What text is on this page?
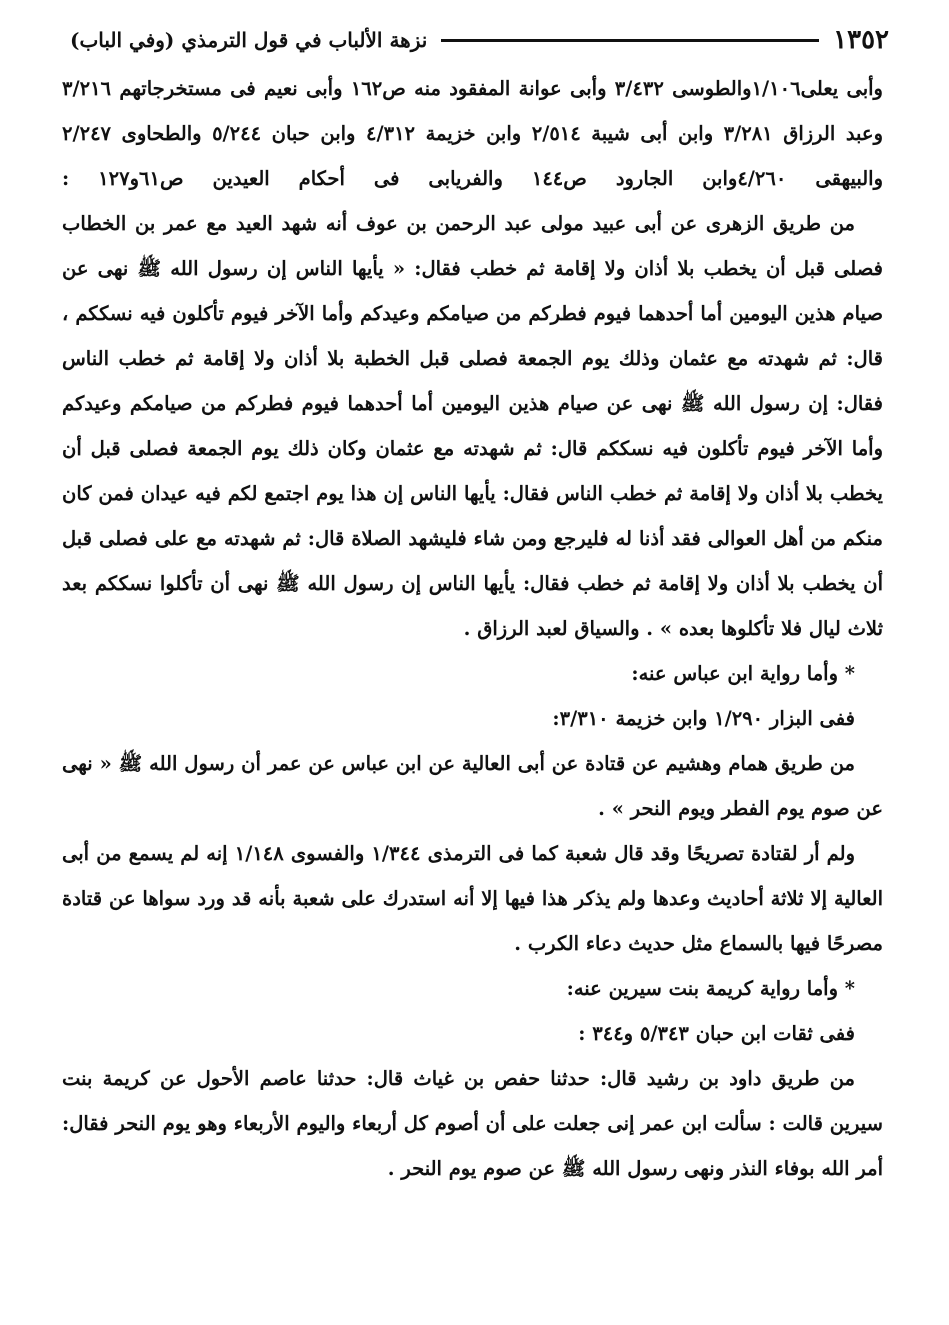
١٣٥٢
نزهة الألباب في قول الترمذي (وفي الباب)

وأبى يعلى١/١٠٦والطوسى ٣/٤٣٢ وأبى عوانة المفقود منه ص١٦٢ وأبى نعيم فى مستخرجاتهم ٣/٢١٦ وعبد الرزاق ٣/٢٨١ وابن أبى شيبة ٢/٥١٤ وابن خزيمة ٤/٣١٢ وابن حبان ٥/٢٤٤ والطحاوى ٢/٢٤٧ والبيهقى ٤/٢٦٠وابن الجارود ص١٤٤ والفريابى فى أحكام العيدين ص٦١و١٢٧ :

من طريق الزهرى عن أبى عبيد مولى عبد الرحمن بن عوف أنه شهد العيد مع عمر بن الخطاب فصلى قبل أن يخطب بلا أذان ولا إقامة ثم خطب فقال: « يأيها الناس إن رسول الله ﷺ نهى عن صيام هذين اليومين أما أحدهما فيوم فطركم من صيامكم وعيدكم وأما الآخر فيوم تأكلون فيه نسككم ، قال: ثم شهدته مع عثمان وذلك يوم الجمعة فصلى قبل الخطبة بلا أذان ولا إقامة ثم خطب الناس فقال: إن رسول الله ﷺ نهى عن صيام هذين اليومين أما أحدهما فيوم فطركم من صيامكم وعيدكم وأما الآخر فيوم تأكلون فيه نسككم قال: ثم شهدته مع عثمان وكان ذلك يوم الجمعة فصلى قبل أن يخطب بلا أذان ولا إقامة ثم خطب الناس فقال: يأيها الناس إن هذا يوم اجتمع لكم فيه عيدان فمن كان منكم من أهل العوالى فقد أذنا له فليرجع ومن شاء فليشهد الصلاة قال: ثم شهدته مع على فصلى قبل أن يخطب بلا أذان ولا إقامة ثم خطب فقال: يأيها الناس إن رسول الله ﷺ نهى أن تأكلوا نسككم بعد ثلاث ليال فلا تأكلوها بعده » . والسياق لعبد الرزاق .

* وأما رواية ابن عباس عنه:

ففى البزار ١/٢٩٠ وابن خزيمة ٣/٣١٠:

من طريق همام وهشيم عن قتادة عن أبى العالية عن ابن عباس عن عمر أن رسول الله ﷺ « نهى عن صوم يوم الفطر ويوم النحر » .

ولم أر لقتادة تصريحًا وقد قال شعبة كما فى الترمذى ١/٣٤٤ والفسوى ١/١٤٨ إنه لم يسمع من أبى العالية إلا ثلاثة أحاديث وعدها ولم يذكر هذا فيها إلا أنه استدرك على شعبة بأنه قد ورد سواها عن قتادة مصرحًا فيها بالسماع مثل حديث دعاء الكرب .

* وأما رواية كريمة بنت سيرين عنه:

ففى ثقات ابن حبان ٥/٣٤٣ و٣٤٤ :

من طريق داود بن رشيد قال: حدثنا حفص بن غياث قال: حدثنا عاصم الأحول عن كريمة بنت سيرين قالت : سألت ابن عمر إنى جعلت على أن أصوم كل أربعاء واليوم الأربعاء وهو يوم النحر فقال: أمر الله بوفاء النذر ونهى رسول الله ﷺ عن صوم يوم النحر .
